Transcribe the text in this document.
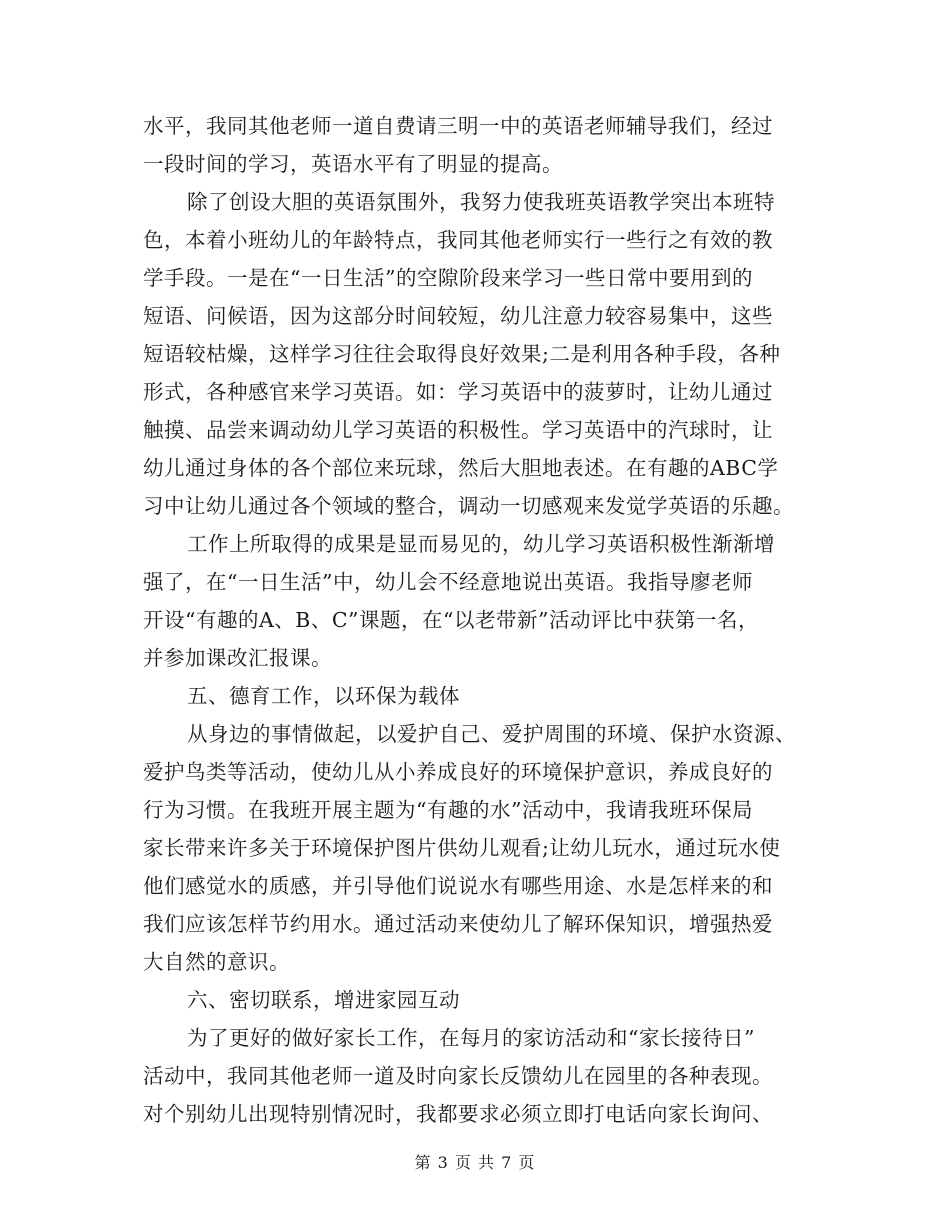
水平，我同其他老师一道自费请三明一中的英语老师辅导我们，经过
一段时间的学习，英语水平有了明显的提高。
除了创设大胆的英语氛围外，我努力使我班英语教学突出本班特
色，本着小班幼儿的年龄特点，我同其他老师实行一些行之有效的教
学手段。一是在“一日生活”的空隙阶段来学习一些日常中要用到的
短语、问候语，因为这部分时间较短，幼儿注意力较容易集中，这些
短语较枯燥，这样学习往往会取得良好效果;二是利用各种手段，各种
形式，各种感官来学习英语。如：学习英语中的菠萝时，让幼儿通过
触摸、品尝来调动幼儿学习英语的积极性。学习英语中的汽球时，让
幼儿通过身体的各个部位来玩球，然后大胆地表述。在有趣的ABC学
习中让幼儿通过各个领域的整合，调动一切感观来发觉学英语的乐趣。
工作上所取得的成果是显而易见的，幼儿学习英语积极性渐渐增
强了，在“一日生活”中，幼儿会不经意地说出英语。我指导廖老师
开设“有趣的A、B、C”课题，在“以老带新”活动评比中获第一名，
并参加课改汇报课。
五、德育工作，以环保为载体
从身边的事情做起，以爱护自己、爱护周围的环境、保护水资源、
爱护鸟类等活动，使幼儿从小养成良好的环境保护意识，养成良好的
行为习惯。在我班开展主题为“有趣的水”活动中，我请我班环保局
家长带来许多关于环境保护图片供幼儿观看;让幼儿玩水，通过玩水使
他们感觉水的质感，并引导他们说说水有哪些用途、水是怎样来的和
我们应该怎样节约用水。通过活动来使幼儿了解环保知识，增强热爱
大自然的意识。
六、密切联系，增进家园互动
为了更好的做好家长工作，在每月的家访活动和“家长接待日”
活动中，我同其他老师一道及时向家长反馈幼儿在园里的各种表现。
对个别幼儿出现特别情况时，我都要求必须立即打电话向家长询问、
第 3 页 共 7 页
